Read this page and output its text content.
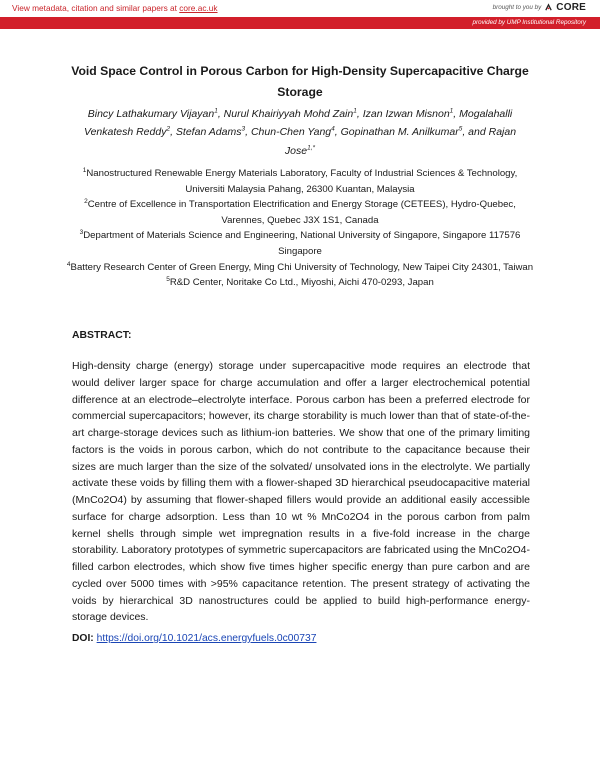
View metadata, citation and similar papers at core.ac.uk	brought to you by CORE
provided by UMP Institutional Repository
Void Space Control in Porous Carbon for High-Density Supercapacitive Charge Storage
Bincy Lathakumary Vijayan$^1$, Nurul Khairiyyah Mohd Zain$^1$, Izan Izwan Misnon$^1$, Mogalahalli Venkatesh Reddy$^2$, Stefan Adams$^3$, Chun-Chen Yang$^4$, Gopinathan M. Anilkumar$^5$, and Rajan Jose$^{1,*}$
$^1$Nanostructured Renewable Energy Materials Laboratory, Faculty of Industrial Sciences & Technology, Universiti Malaysia Pahang, 26300 Kuantan, Malaysia
$^2$Centre of Excellence in Transportation Electrification and Energy Storage (CETEES), Hydro-Quebec, Varennes, Quebec J3X 1S1, Canada
$^3$Department of Materials Science and Engineering, National University of Singapore, Singapore 117576 Singapore
$^4$Battery Research Center of Green Energy, Ming Chi University of Technology, New Taipei City 24301, Taiwan
$^5$R&D Center, Noritake Co Ltd., Miyoshi, Aichi 470-0293, Japan
ABSTRACT:
High-density charge (energy) storage under supercapacitive mode requires an electrode that would deliver larger space for charge accumulation and offer a larger electrochemical potential difference at an electrode–electrolyte interface. Porous carbon has been a preferred electrode for commercial supercapacitors; however, its charge storability is much lower than that of state-of-the-art charge-storage devices such as lithium-ion batteries. We show that one of the primary limiting factors is the voids in porous carbon, which do not contribute to the capacitance because their sizes are much larger than the size of the solvated/ unsolvated ions in the electrolyte. We partially activate these voids by filling them with a flower-shaped 3D hierarchical pseudocapacitive material (MnCo2O4) by assuming that flower-shaped fillers would provide an additional easily accessible surface for charge adsorption. Less than 10 wt % MnCo2O4 in the porous carbon from palm kernel shells through simple wet impregnation results in a five-fold increase in the charge storability. Laboratory prototypes of symmetric supercapacitors are fabricated using the MnCo2O4-filled carbon electrodes, which show five times higher specific energy than pure carbon and are cycled over 5000 times with >95% capacitance retention. The present strategy of activating the voids by hierarchical 3D nanostructures could be applied to build high-performance energy-storage devices.
DOI: https://doi.org/10.1021/acs.energyfuels.0c00737
